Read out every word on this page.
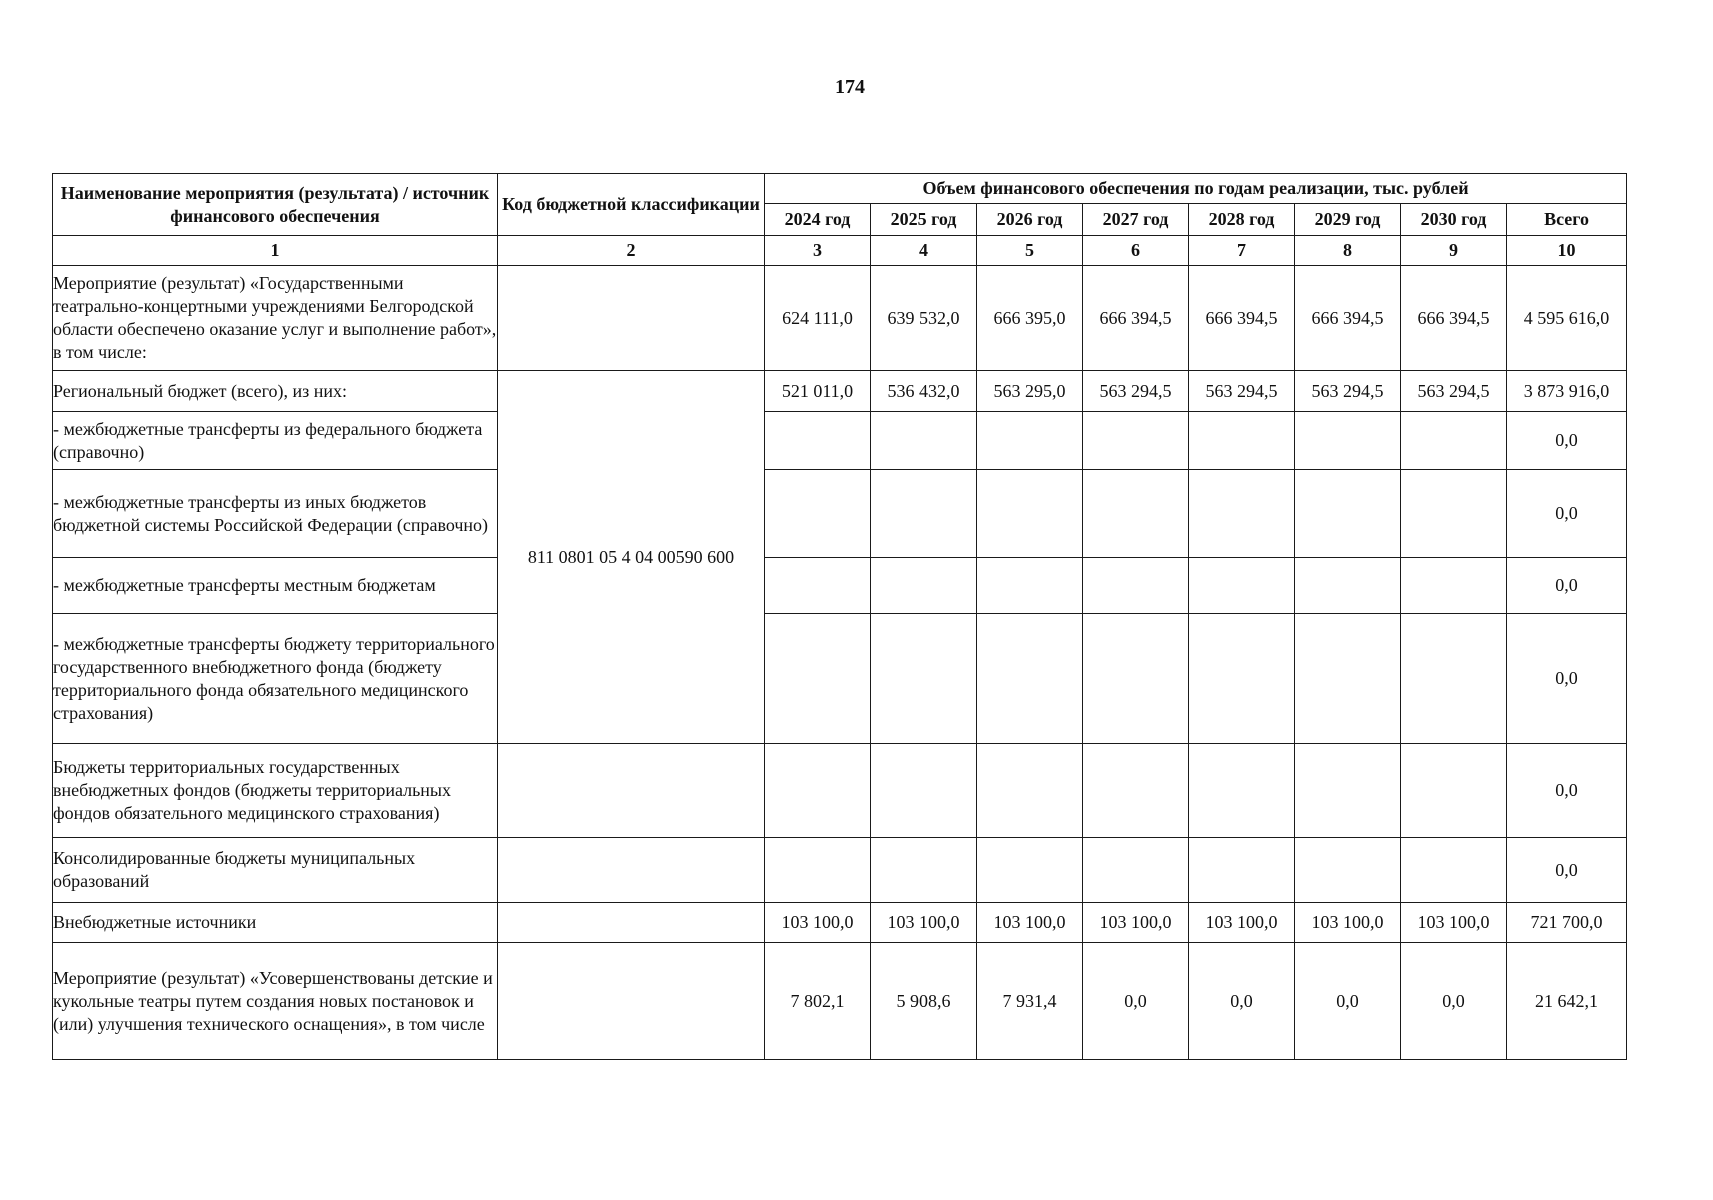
174
Наименование мероприятия (результата) / источник финансового обеспечения	Код бюджетной классификации	Объем финансового обеспечения по годам реализации, тыс. рублей							
		2024 год	2025 год	2026 год	2027 год	2028 год	2029 год	2030 год	Всего
1	2	3	4	5	6	7	8	9	10
Мероприятие (результат) «Государственными театрально-концертными учреждениями Белгородской области обеспечено оказание услуг и выполнение работ», в том числе:		624 111,0	639 532,0	666 395,0	666 394,5	666 394,5	666 394,5	666 394,5	4 595 616,0
Региональный бюджет (всего), из них:	811 0801 05 4 04 00590 600	521 011,0	536 432,0	563 295,0	563 294,5	563 294,5	563 294,5	563 294,5	3 873 916,0
- межбюджетные трансферты из федерального бюджета (справочно)									0,0
- межбюджетные трансферты из иных бюджетов бюджетной системы Российской Федерации (справочно)									0,0
- межбюджетные трансферты местным бюджетам									0,0
- межбюджетные трансферты бюджету территориального государственного внебюджетного фонда (бюджету территориального фонда обязательного медицинского страхования)									0,0
Бюджеты территориальных государственных внебюджетных фондов (бюджеты территориальных фондов обязательного медицинского страхования)									0,0
Консолидированные бюджеты муниципальных образований									0,0
Внебюджетные источники		103 100,0	103 100,0	103 100,0	103 100,0	103 100,0	103 100,0	103 100,0	721 700,0
Мероприятие (результат) «Усовершенствованы детские и кукольные театры путем создания новых постановок и (или) улучшения технического оснащения», в том числе		7 802,1	5 908,6	7 931,4	0,0	0,0	0,0	0,0	21 642,1
